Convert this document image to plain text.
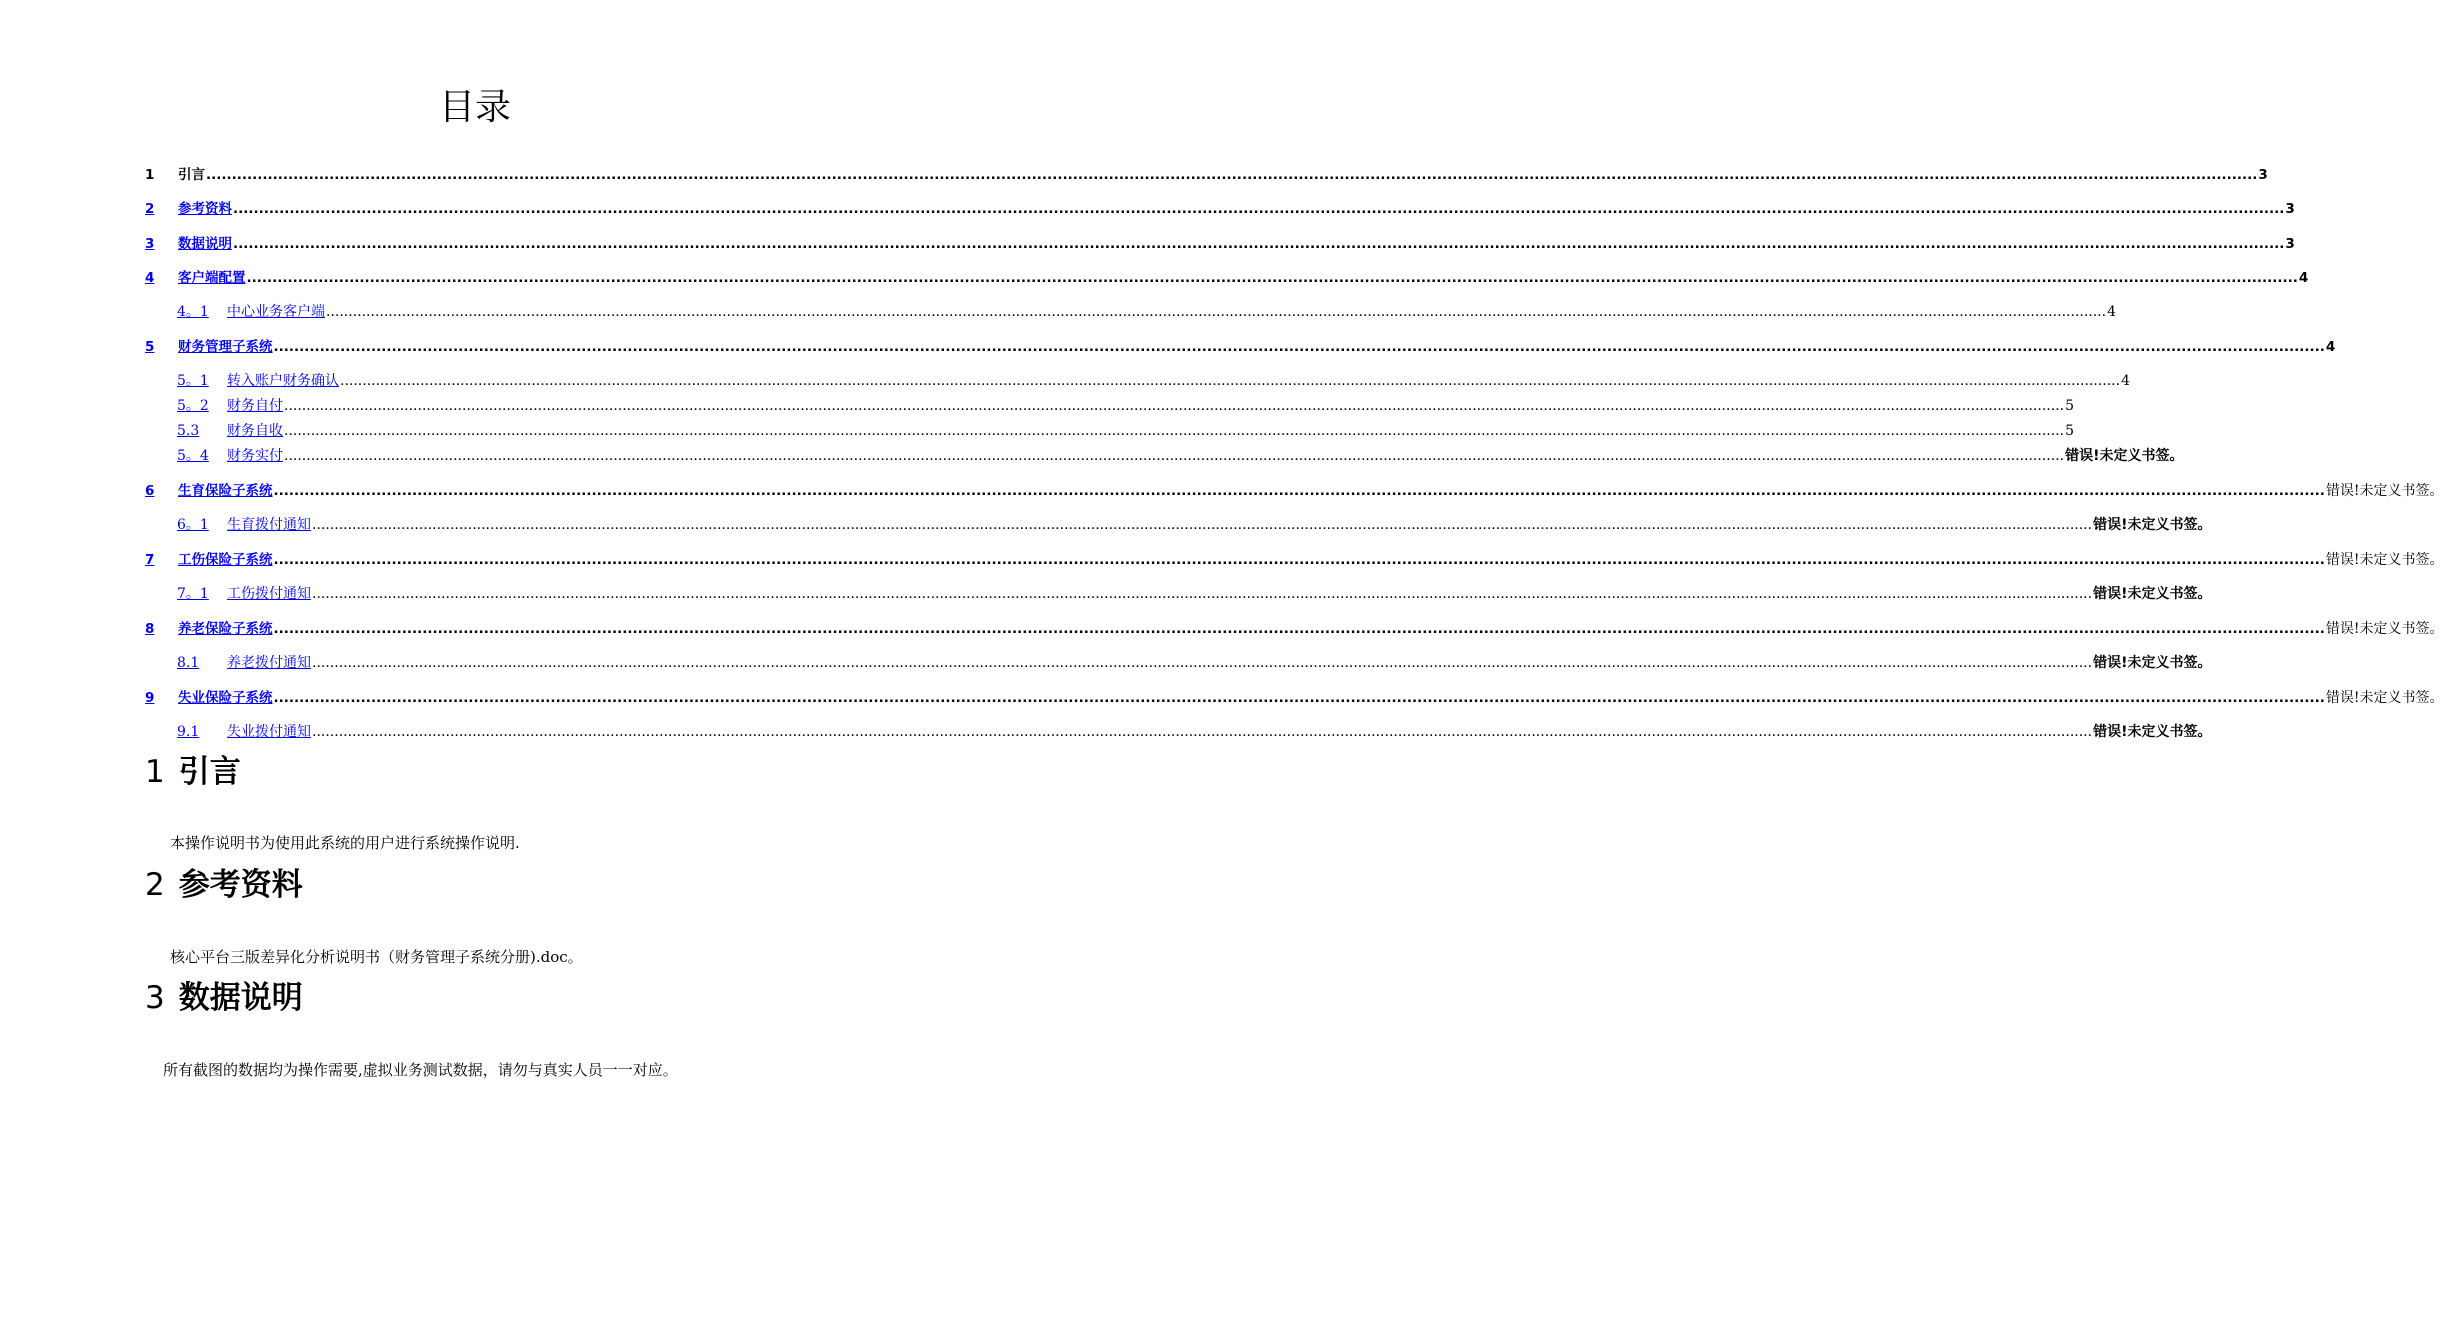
目录
1	引言 ................................................................................................................................................................................................................................................................................................................................................................................................................ 3
2	参考资料 ................................................................................................................................................................................................................................................................................................................................................................................................................ 3
3	数据说明 ................................................................................................................................................................................................................................................................................................................................................................................................................ 3
4	客户端配置 ................................................................................................................................................................................................................................................................................................................................................................................................................ 4
4。1	中心业务客户端 ................................................................................................................................................................................................................................................................................................................................................................................................................ 4
5	财务管理子系统 ................................................................................................................................................................................................................................................................................................................................................................................................................ 4
5。1	转入账户财务确认 ................................................................................................................................................................................................................................................................................................................................................................................................................ 4
5。2	财务自付 ................................................................................................................................................................................................................................................................................................................................................................................................................ 5
5.3	财务自收 ................................................................................................................................................................................................................................................................................................................................................................................................................ 5
5。4	财务实付 ................................................................................................................................................................................................................................................................................................................................................................................................................ 错误!未定义书签。
6	生育保险子系统 ................................................................................................................................................................................................................................................................................................................................................................................................................ 错误!未定义书签。
6。1	生育拨付通知 ................................................................................................................................................................................................................................................................................................................................................................................................................ 错误!未定义书签。
7	工伤保险子系统 ................................................................................................................................................................................................................................................................................................................................................................................................................ 错误!未定义书签。
7。1	工伤拨付通知 ................................................................................................................................................................................................................................................................................................................................................................................................................ 错误!未定义书签。
8	养老保险子系统 ................................................................................................................................................................................................................................................................................................................................................................................................................ 错误!未定义书签。
8.1	养老拨付通知 ................................................................................................................................................................................................................................................................................................................................................................................................................ 错误!未定义书签。
9	失业保险子系统 ................................................................................................................................................................................................................................................................................................................................................................................................................ 错误!未定义书签。
9.1	失业拨付通知 ................................................................................................................................................................................................................................................................................................................................................................................................................ 错误!未定义书签。
1 引言

本操作说明书为使用此系统的用户进行系统操作说明.

2 参考资料

核心平台三版差异化分析说明书（财务管理子系统分册).doc。

3 数据说明

所有截图的数据均为操作需要,虚拟业务测试数据，请勿与真实人员一一对应。
